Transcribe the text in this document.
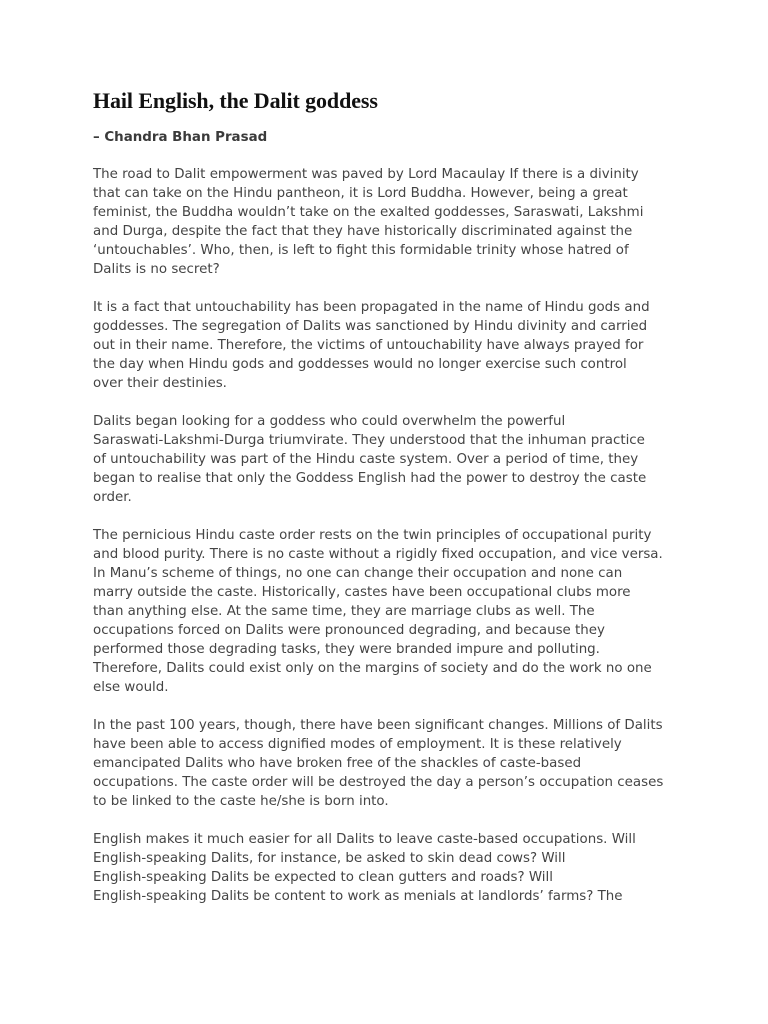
Hail English, the Dalit goddess
– Chandra Bhan Prasad

The road to Dalit empowerment was paved by Lord Macaulay If there is a divinity
that can take on the Hindu pantheon, it is Lord Buddha. However, being a great
feminist, the Buddha wouldn’t take on the exalted goddesses, Saraswati, Lakshmi
and Durga, despite the fact that they have historically discriminated against the
‘untouchables’. Who, then, is left to fight this formidable trinity whose hatred of
Dalits is no secret?

It is a fact that untouchability has been propagated in the name of Hindu gods and
goddesses. The segregation of Dalits was sanctioned by Hindu divinity and carried
out in their name. Therefore, the victims of untouchability have always prayed for
the day when Hindu gods and goddesses would no longer exercise such control
over their destinies.

Dalits began looking for a goddess who could overwhelm the powerful
Saraswati-Lakshmi-Durga triumvirate. They understood that the inhuman practice
of untouchability was part of the Hindu caste system. Over a period of time, they
began to realise that only the Goddess English had the power to destroy the caste
order.

The pernicious Hindu caste order rests on the twin principles of occupational purity
and blood purity. There is no caste without a rigidly fixed occupation, and vice versa.
In Manu’s scheme of things, no one can change their occupation and none can
marry outside the caste. Historically, castes have been occupational clubs more
than anything else. At the same time, they are marriage clubs as well. The
occupations forced on Dalits were pronounced degrading, and because they
performed those degrading tasks, they were branded impure and polluting.
Therefore, Dalits could exist only on the margins of society and do the work no one
else would.

In the past 100 years, though, there have been significant changes. Millions of Dalits
have been able to access dignified modes of employment. It is these relatively
emancipated Dalits who have broken free of the shackles of caste-based
occupations. The caste order will be destroyed the day a person’s occupation ceases
to be linked to the caste he/she is born into.

English makes it much easier for all Dalits to leave caste-based occupations. Will
English-speaking Dalits, for instance, be asked to skin dead cows? Will
English-speaking Dalits be expected to clean gutters and roads? Will
English-speaking Dalits be content to work as menials at landlords’ farms? The
